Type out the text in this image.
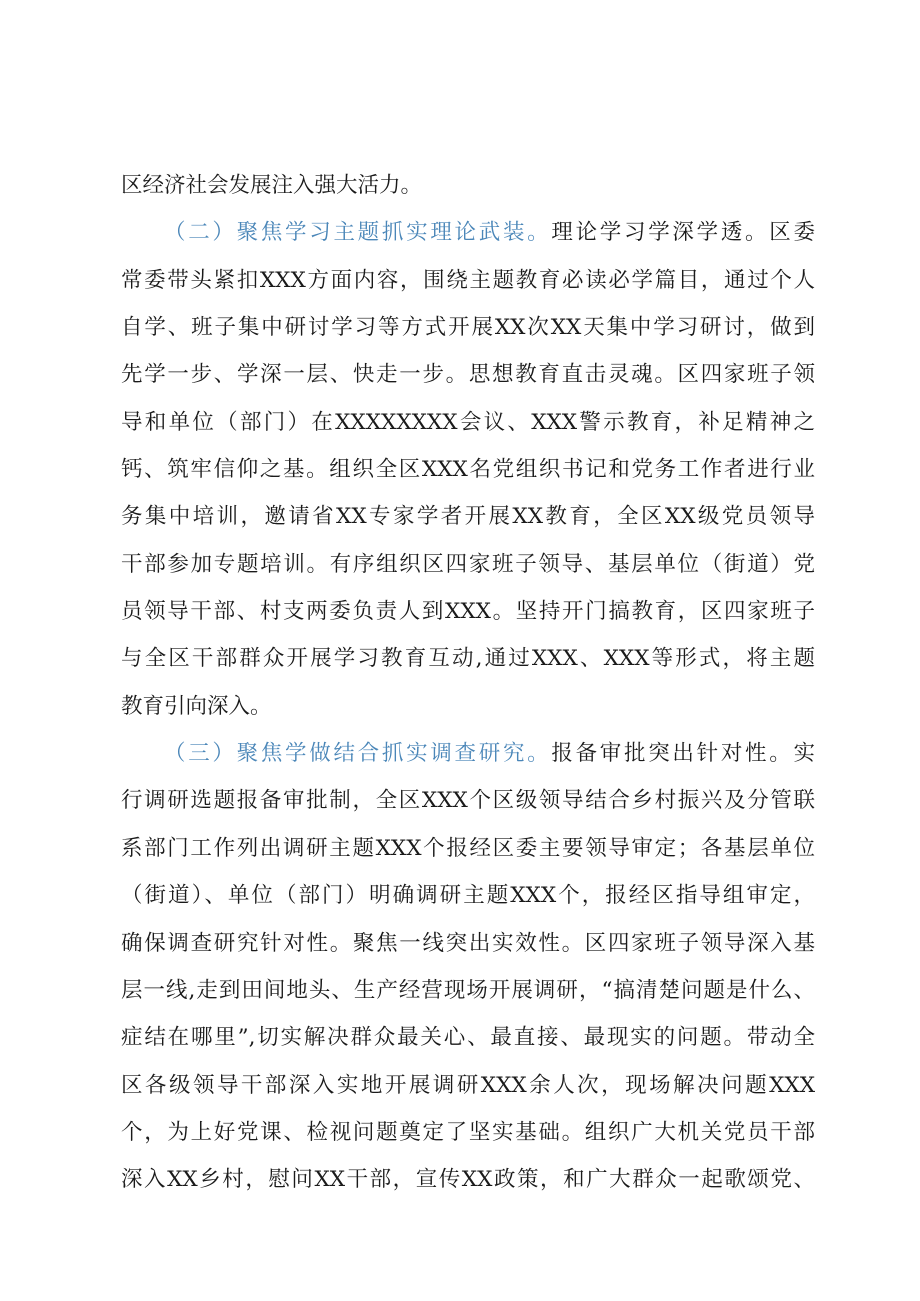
区经济社会发展注入强大活力。
（二）聚焦学习主题抓实理论武装。理论学习学深学透。区委
常委带头紧扣XXX方面内容，围绕主题教育必读必学篇目，通过个人
自学、班子集中研讨学习等方式开展XX次XX天集中学习研讨，做到
先学一步、学深一层、快走一步。思想教育直击灵魂。区四家班子领
导和单位（部门）在XXXXXXXX会议、XXX警示教育，补足精神之
钙、筑牢信仰之基。组织全区XXX名党组织书记和党务工作者进行业
务集中培训，邀请省XX专家学者开展XX教育，全区XX级党员领导
干部参加专题培训。有序组织区四家班子领导、基层单位（街道）党
员领导干部、村支两委负责人到XXX。坚持开门搞教育，区四家班子
与全区干部群众开展学习教育互动,通过XXX、XXX等形式，将主题
教育引向深入。
（三）聚焦学做结合抓实调查研究。报备审批突出针对性。实
行调研选题报备审批制，全区XXX个区级领导结合乡村振兴及分管联
系部门工作列出调研主题XXX个报经区委主要领导审定；各基层单位
（街道）、单位（部门）明确调研主题XXX个，报经区指导组审定，
确保调查研究针对性。聚焦一线突出实效性。区四家班子领导深入基
层一线,走到田间地头、生产经营现场开展调研，“搞清楚问题是什么、
症结在哪里”,切实解决群众最关心、最直接、最现实的问题。带动全
区各级领导干部深入实地开展调研XXX余人次，现场解决问题XXX
个，为上好党课、检视问题奠定了坚实基础。组织广大机关党员干部
深入XX乡村，慰问XX干部，宣传XX政策，和广大群众一起歌颂党、
